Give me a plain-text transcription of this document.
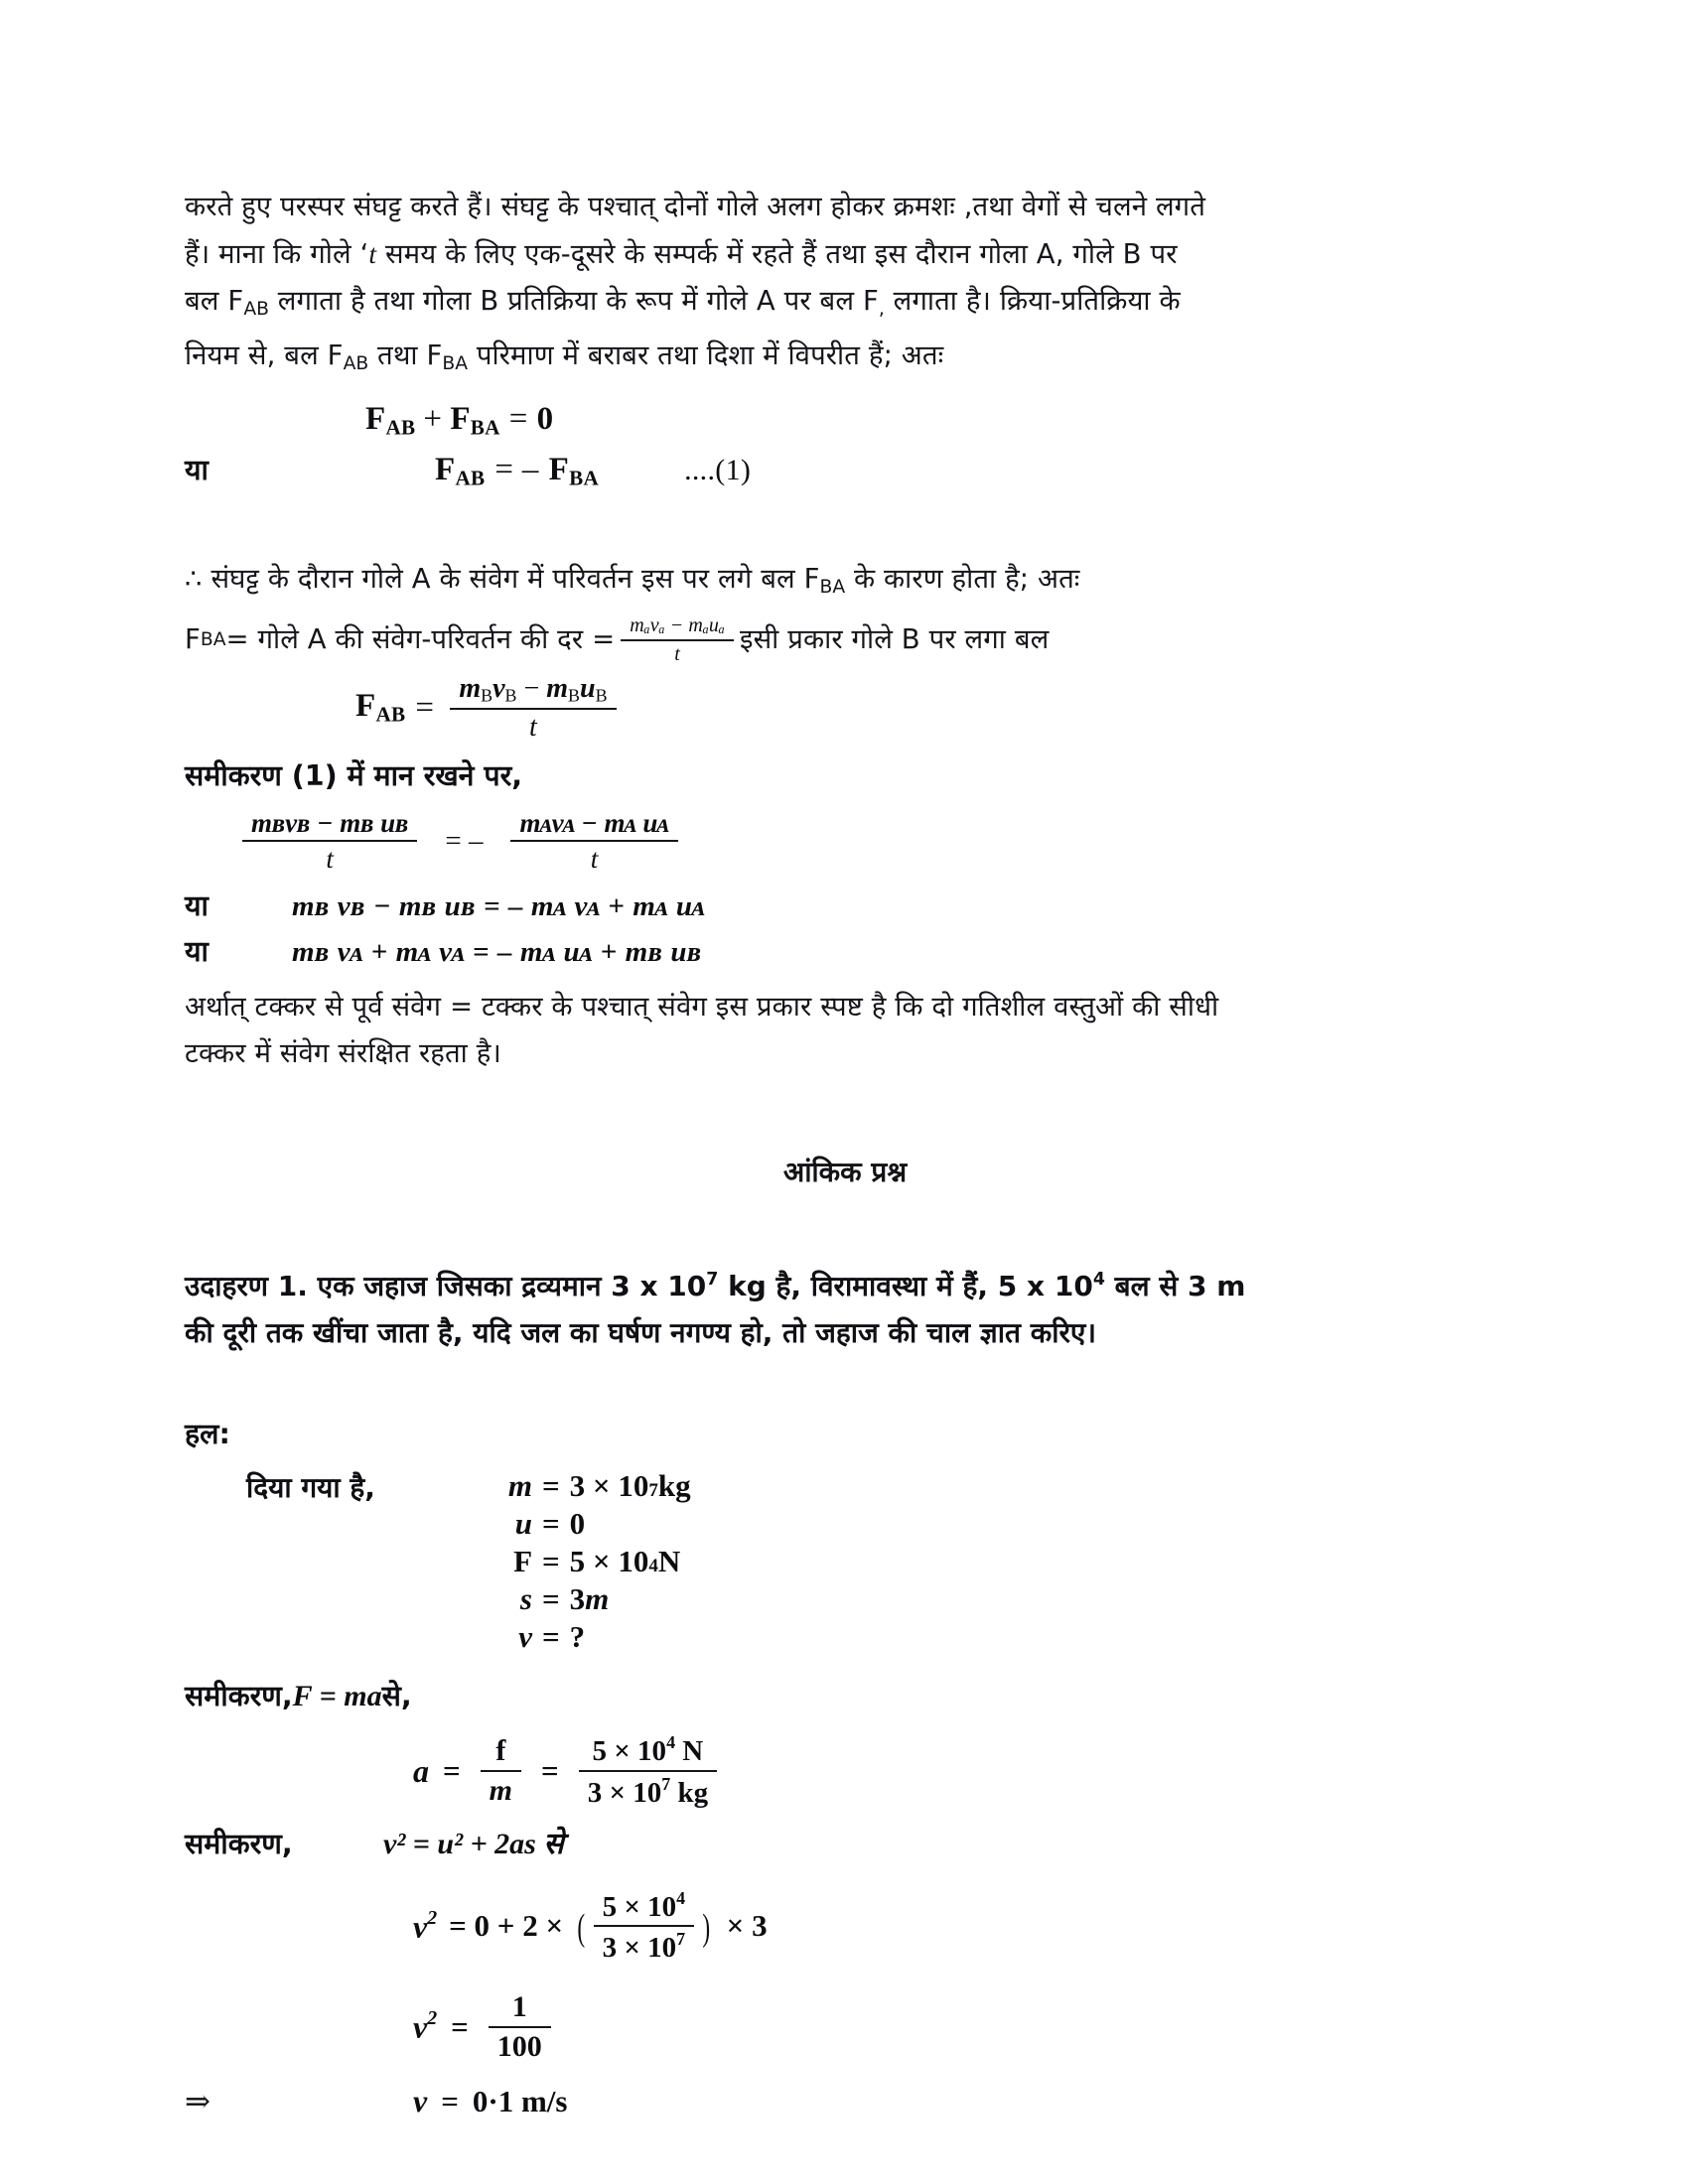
करते हुए परस्पर संघट्ट करते हैं। संघट्ट के पश्चात् दोनों गोले अलग होकर क्रमशः ,तथा वेगों से चलने लगते
हैं। माना कि गोले ‘t समय के लिए एक-दूसरे के सम्पर्क में रहते हैं तथा इस दौरान गोला A, गोले B पर
बल $F_{AB}$ लगाता है तथा गोला B प्रतिक्रिया के रूप में गोले A पर बल $F_,$ लगाता है। क्रिया-प्रतिक्रिया के
नियम से, बल $F_{AB}$ तथा $F_{BA}$ परिमाण में बराबर तथा दिशा में विपरीत हैं; अतः
$F_{AB} + F_{BA} = 0$
या	$F_{AB}$ = – $F_{BA}$	....(1)
∴ संघट्ट के दौरान गोले A के संवेग में परिवर्तन इस पर लगे बल $F_{BA}$ के कारण होता है; अतः
F BA = गोले A की संवेग-परिवर्तन की दर = $\frac{\text{mₐvₐ − mₐuₐ}}{t}$ इसी प्रकार गोले B पर लगा बल
$F_{AB} = \frac{m_Bv_B - m_Bu_B}{t}$
समीकरण (1) में मान रखने पर,
$\frac{\text{mʙvʙ − mʙ uʙ}}{t}$ = – $\frac{\text{mᴀvᴀ − mᴀ uᴀ}}{t}$
या	mʙ vʙ − mʙ uʙ = – mᴀ vᴀ + mᴀ uᴀ
या	mʙ vᴀ + mᴀ vᴀ = – mᴀ uᴀ + mʙ uʙ
अर्थात् टक्कर से पूर्व संवेग = टक्कर के पश्चात् संवेग इस प्रकार स्पष्ट है कि दो गतिशील वस्तुओं की सीधी
टक्कर में संवेग संरक्षित रहता है।
आंकिक प्रश्न
उदाहरण 1. एक जहाज जिसका द्रव्यमान 3 x $10^7$ kg है, विरामावस्था में हैं, 5 x $10^4$ बल से 3 m
की दूरी तक खींचा जाता है, यदि जल का घर्षण नगण्य हो, तो जहाज की चाल ज्ञात करिए।
हल:
दिया गया है,	m = 3 × 10 7 kg
u = 0
F = 5 × 10 4 N
s = 3 m
v = ?
समीकरण, F = ma से,
$a = \frac{f}{m} = \frac{5 \times 10^4 N}{3 \times 10^7 kg}$
समीकरण,	v² = u² + 2as से
$v^2 = 0 + 2$ × ( $\frac{5 \times 10^4}{3 \times 10^7}$ ) × 3
$v^2 = \frac{1}{100}$
⇒	v = 0·1 m/s
